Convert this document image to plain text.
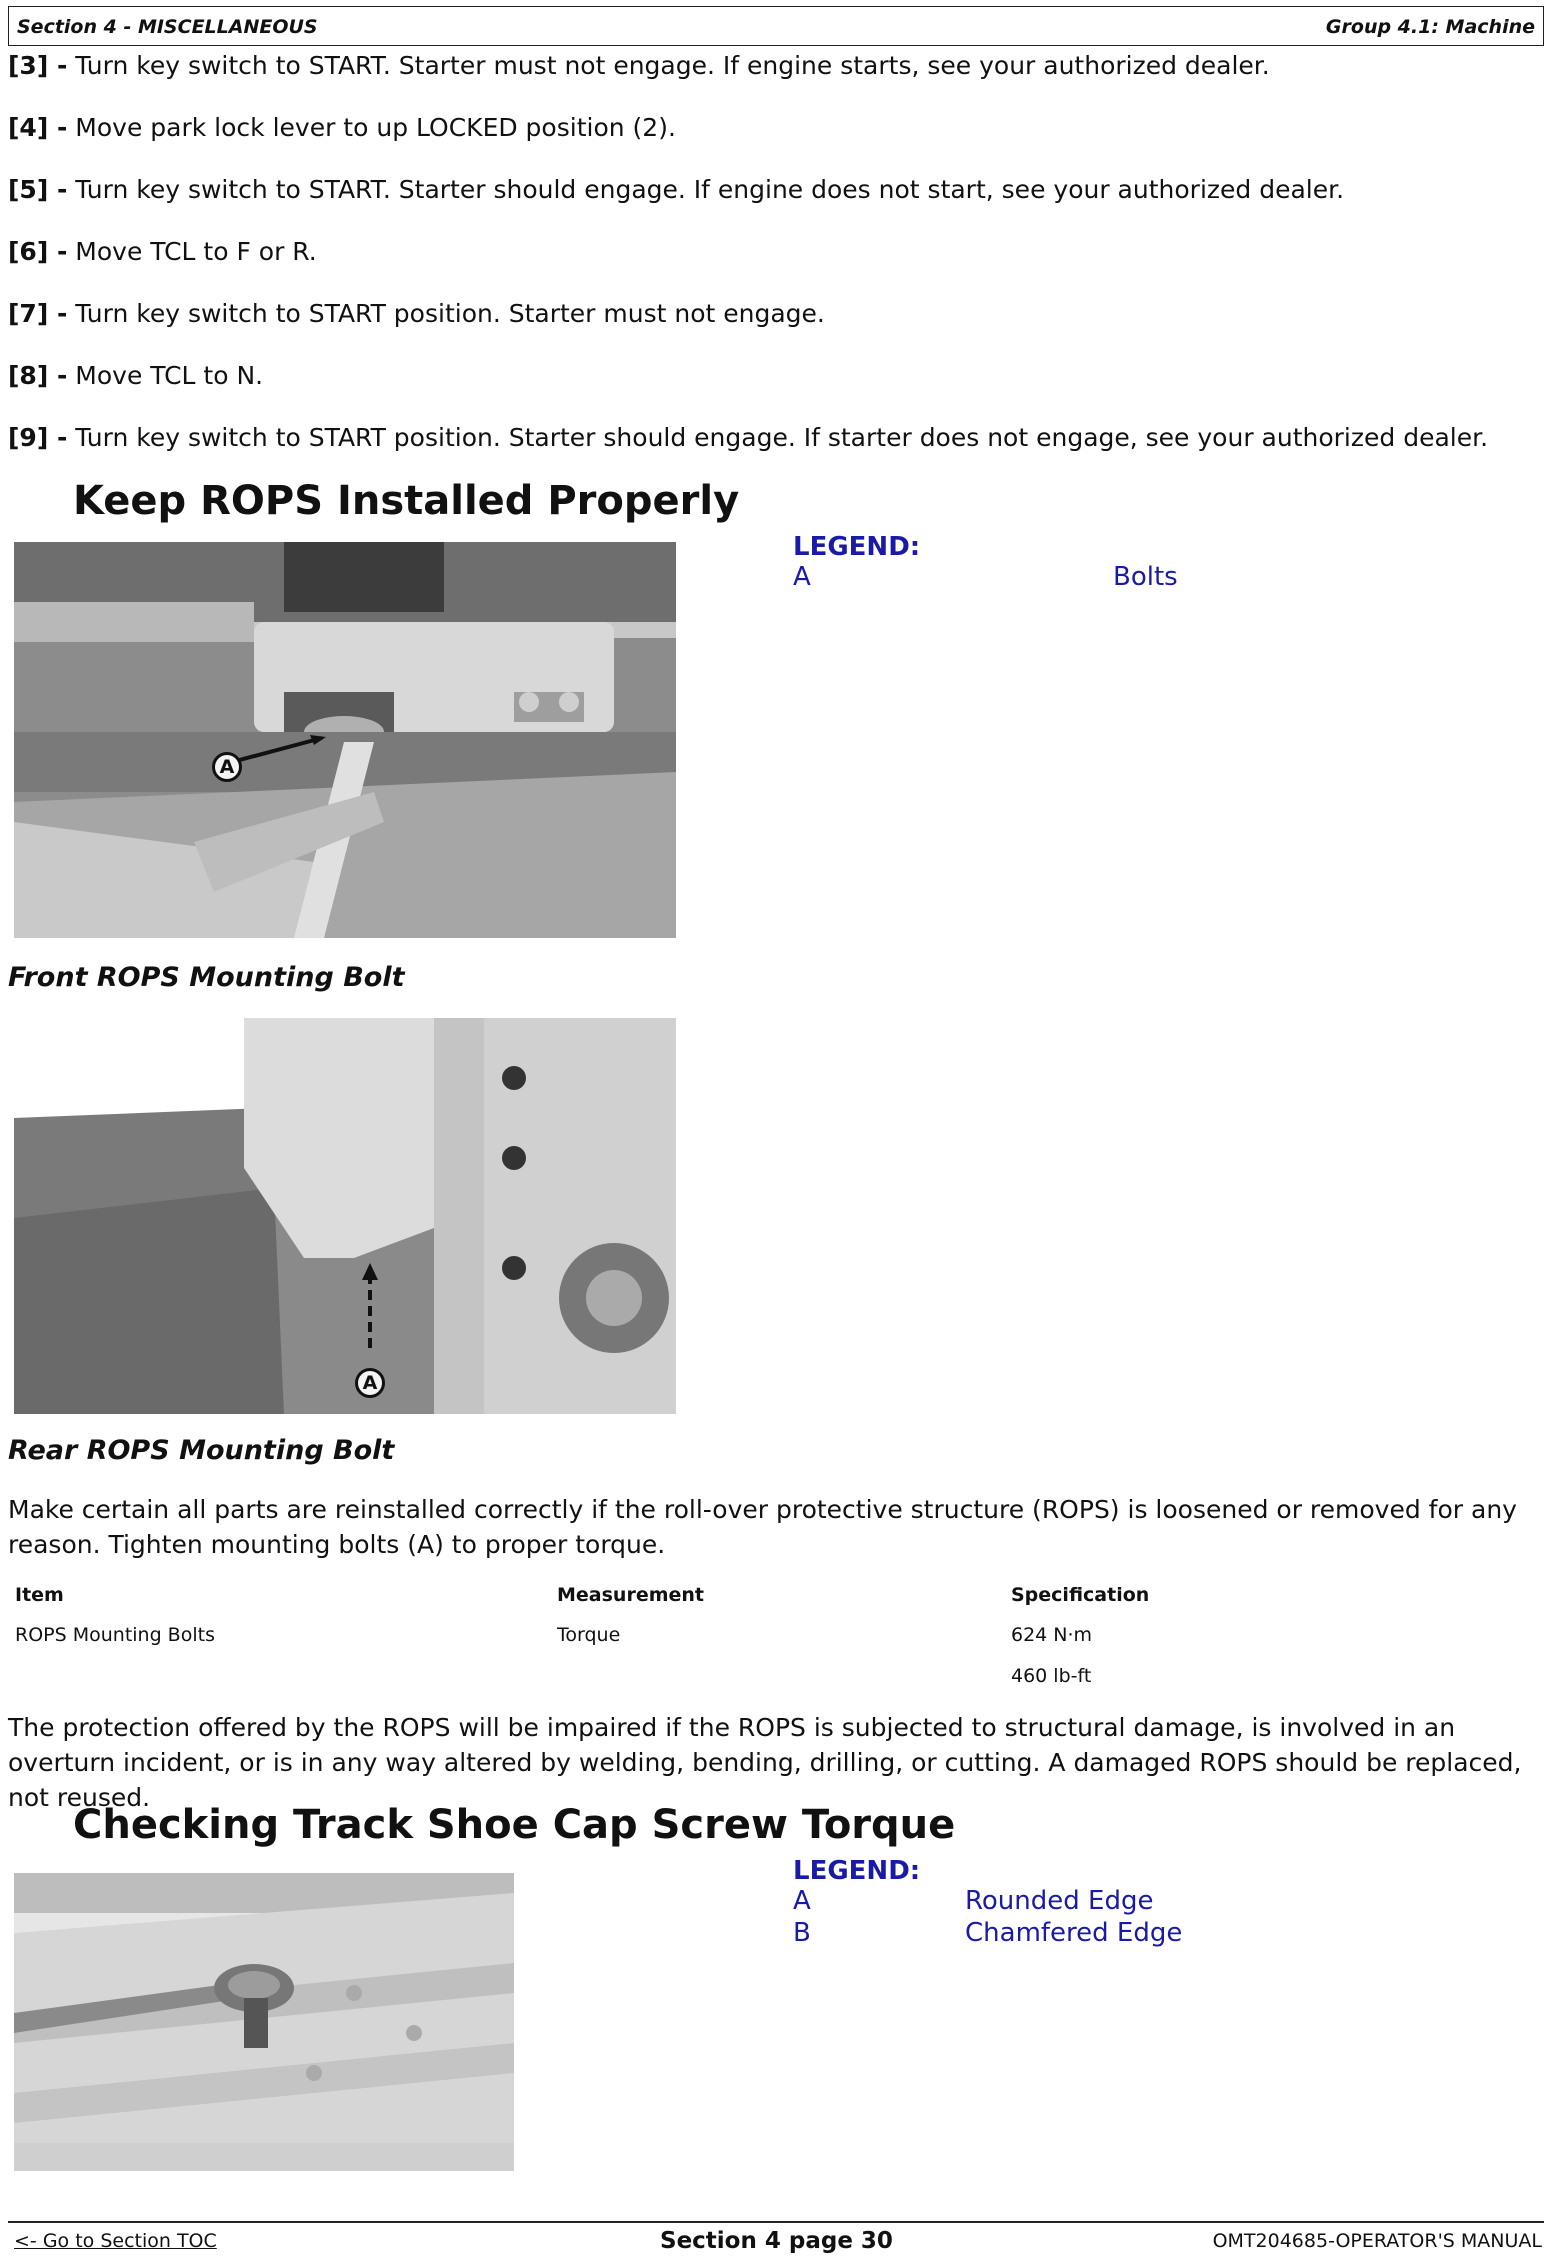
Section 4 - MISCELLANEOUS	Group 4.1: Machine
[3] - Turn key switch to START. Starter must not engage. If engine starts, see your authorized dealer.
[4] - Move park lock lever to up LOCKED position (2).
[5] - Turn key switch to START. Starter should engage. If engine does not start, see your authorized dealer.
[6] - Move TCL to F or R.
[7] - Turn key switch to START position. Starter must not engage.
[8] - Move TCL to N.
[9] - Turn key switch to START position. Starter should engage. If starter does not engage, see your authorized dealer.
Keep ROPS Installed Properly
LEGEND:
A	Bolts
A
Front ROPS Mounting Bolt
A
Rear ROPS Mounting Bolt
Make certain all parts are reinstalled correctly if the roll-over protective structure (ROPS) is loosened or removed for any reason. Tighten mounting bolts (A) to proper torque.
Item	Measurement	Specification
ROPS Mounting Bolts	Torque	624 N·m
460 lb-ft
The protection offered by the ROPS will be impaired if the ROPS is subjected to structural damage, is involved in an overturn incident, or is in any way altered by welding, bending, drilling, or cutting. A damaged ROPS should be replaced, not reused.
Checking Track Shoe Cap Screw Torque
LEGEND:
A	Rounded Edge
B	Chamfered Edge
<- Go to Section TOC	Section 4 page 30	OMT204685-OPERATOR'S MANUAL
